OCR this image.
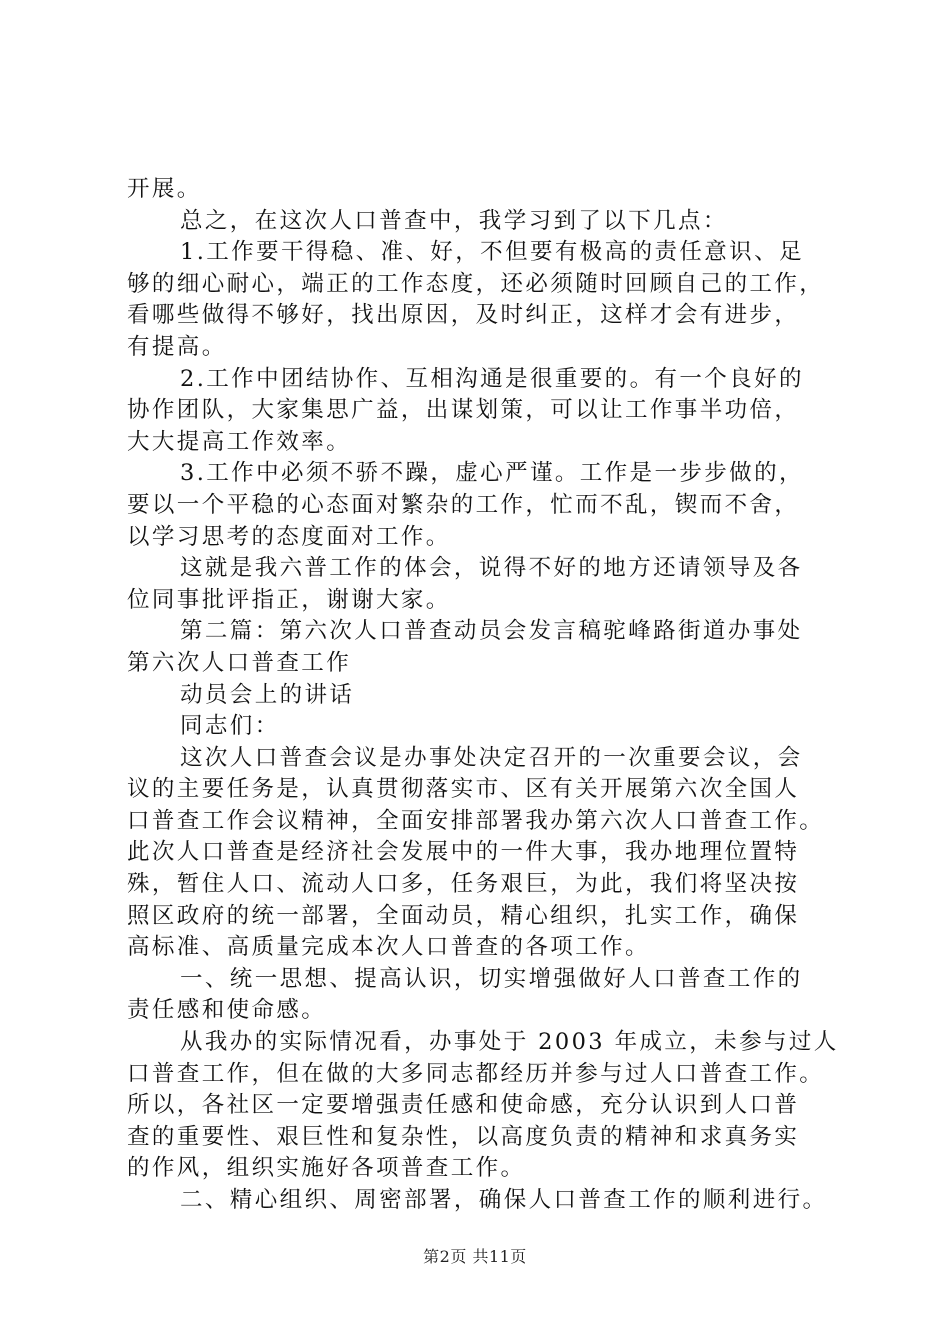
开展。
总之，在这次人口普查中，我学习到了以下几点：
1.工作要干得稳、准、好，不但要有极高的责任意识、足
够的细心耐心，端正的工作态度，还必须随时回顾自己的工作，
看哪些做得不够好，找出原因，及时纠正，这样才会有进步，
有提高。
2.工作中团结协作、互相沟通是很重要的。有一个良好的
协作团队，大家集思广益，出谋划策，可以让工作事半功倍，
大大提高工作效率。
3.工作中必须不骄不躁，虚心严谨。工作是一步步做的，
要以一个平稳的心态面对繁杂的工作，忙而不乱，锲而不舍，
以学习思考的态度面对工作。
这就是我六普工作的体会，说得不好的地方还请领导及各
位同事批评指正，谢谢大家。
第二篇：第六次人口普查动员会发言稿驼峰路街道办事处
第六次人口普查工作
动员会上的讲话
同志们：
这次人口普查会议是办事处决定召开的一次重要会议，会
议的主要任务是，认真贯彻落实市、区有关开展第六次全国人
口普查工作会议精神，全面安排部署我办第六次人口普查工作。
此次人口普查是经济社会发展中的一件大事，我办地理位置特
殊，暂住人口、流动人口多，任务艰巨，为此，我们将坚决按
照区政府的统一部署，全面动员，精心组织，扎实工作，确保
高标准、高质量完成本次人口普查的各项工作。
一、统一思想、提高认识，切实增强做好人口普查工作的
责任感和使命感。
从我办的实际情况看，办事处于 2003 年成立，未参与过人
口普查工作，但在做的大多同志都经历并参与过人口普查工作。
所以，各社区一定要增强责任感和使命感，充分认识到人口普
查的重要性、艰巨性和复杂性，以高度负责的精神和求真务实
的作风，组织实施好各项普查工作。
二、精心组织、周密部署，确保人口普查工作的顺利进行。
第2页 共11页
